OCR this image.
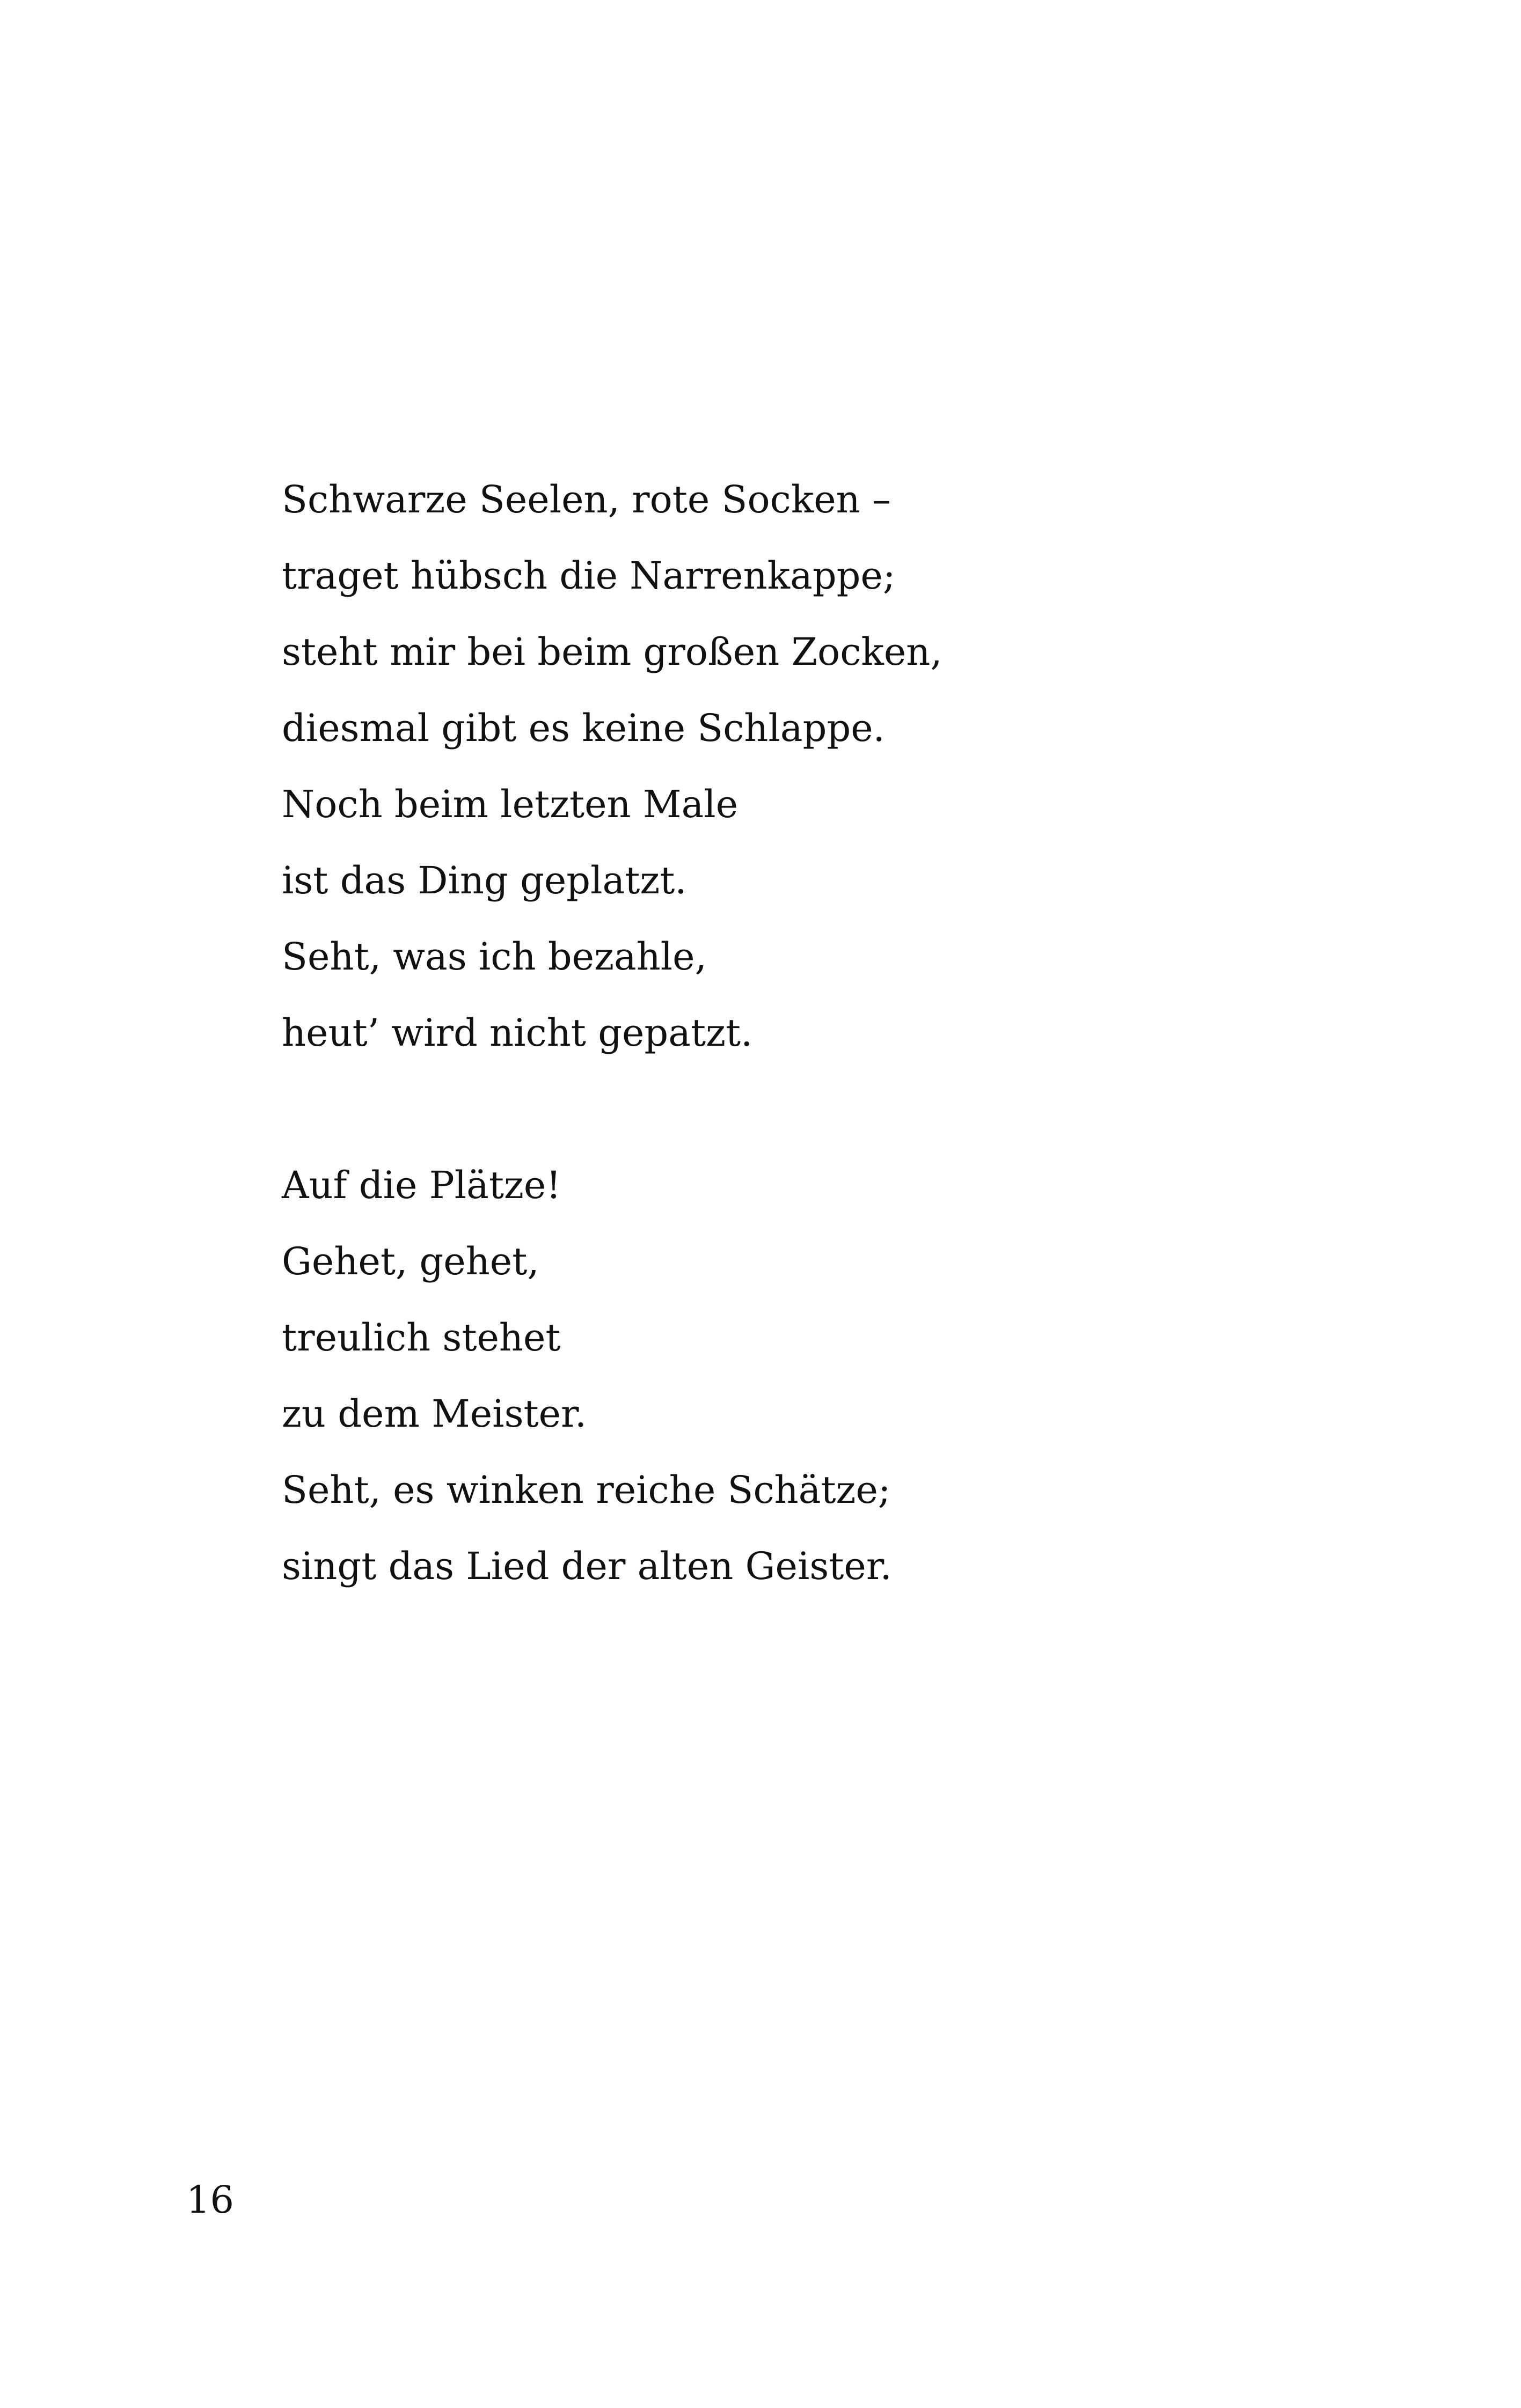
Schwarze Seelen, rote Socken –
traget hübsch die Narrenkappe;
steht mir bei beim großen Zocken,
diesmal gibt es keine Schlappe.
Noch beim letzten Male
ist das Ding geplatzt.
Seht, was ich bezahle,
heut’ wird nicht gepatzt.
Auf die Plätze!
Gehet, gehet,
treulich stehet
zu dem Meister.
Seht, es winken reiche Schätze;
singt das Lied der alten Geister.
16
